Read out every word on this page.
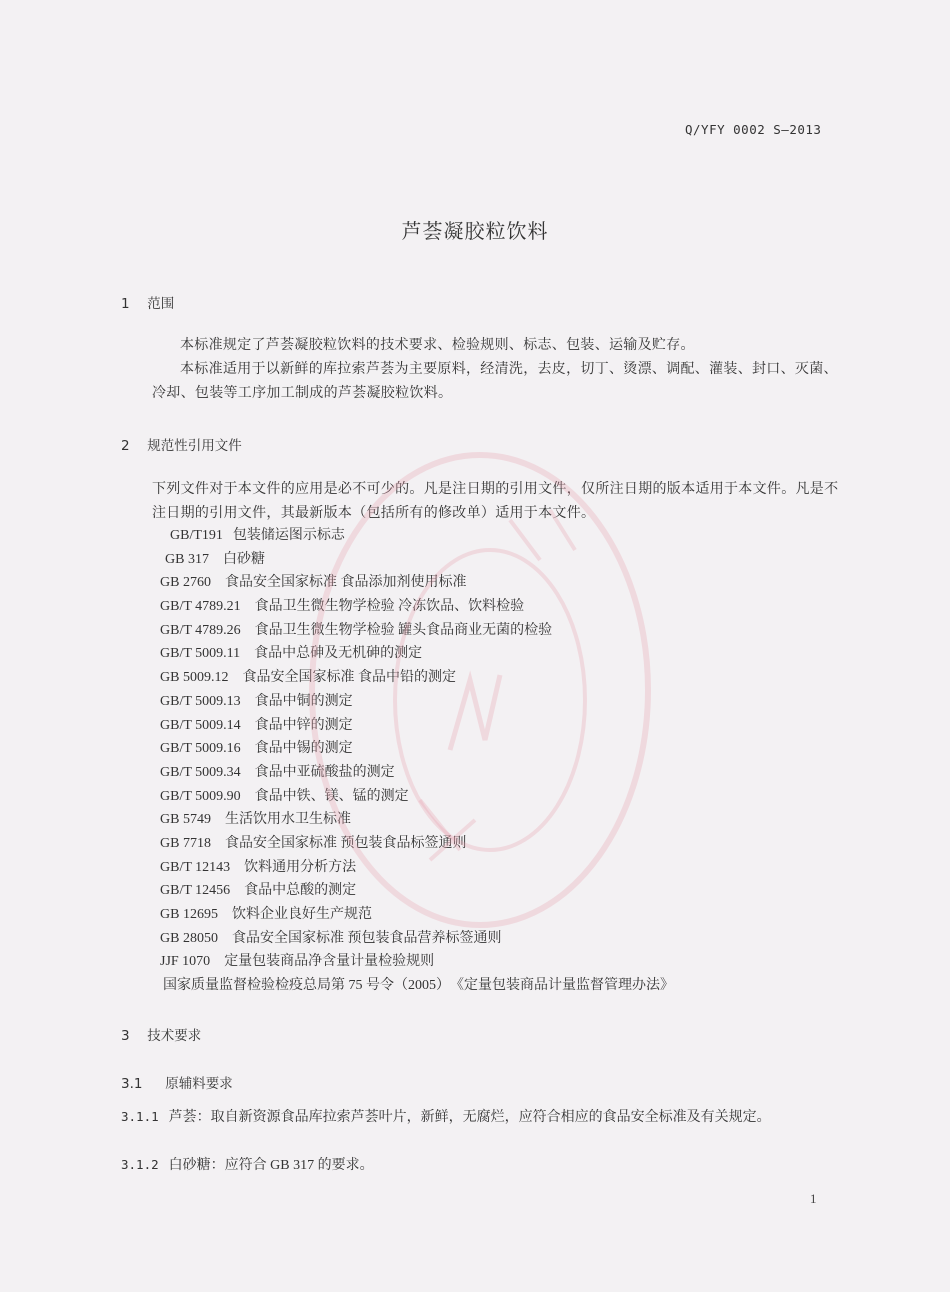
Q/YFY 0002 S—2013
芦荟凝胶粒饮料
1 范围
本标准规定了芦荟凝胶粒饮料的技术要求、检验规则、标志、包装、运输及贮存。
本标准适用于以新鲜的库拉索芦荟为主要原料，经清洗，去皮，切丁、烫漂、调配、灌装、封口、灭菌、冷却、包装等工序加工制成的芦荟凝胶粒饮料。
2 规范性引用文件
下列文件对于本文件的应用是必不可少的。凡是注日期的引用文件，仅所注日期的版本适用于本文件。凡是不注日期的引用文件，其最新版本（包括所有的修改单）适用于本文件。
GB/T191 包装储运图示标志
GB 317 白砂糖
GB 2760 食品安全国家标准 食品添加剂使用标准
GB/T 4789.21 食品卫生微生物学检验 冷冻饮品、饮料检验
GB/T 4789.26 食品卫生微生物学检验 罐头食品商业无菌的检验
GB/T 5009.11 食品中总砷及无机砷的测定
GB 5009.12 食品安全国家标准 食品中铅的测定
GB/T 5009.13 食品中铜的测定
GB/T 5009.14 食品中锌的测定
GB/T 5009.16 食品中锡的测定
GB/T 5009.34 食品中亚硫酸盐的测定
GB/T 5009.90 食品中铁、镁、锰的测定
GB 5749 生活饮用水卫生标准
GB 7718 食品安全国家标准 预包装食品标签通则
GB/T 12143 饮料通用分析方法
GB/T 12456 食品中总酸的测定
GB 12695 饮料企业良好生产规范
GB 28050 食品安全国家标准 预包装食品营养标签通则
JJF 1070 定量包装商品净含量计量检验规则
国家质量监督检验检疫总局第 75 号令（2005）《定量包装商品计量监督管理办法》
3 技术要求
3.1 原辅料要求
3.1.1 芦荟：取自新资源食品库拉索芦荟叶片，新鲜，无腐烂，应符合相应的食品安全标准及有关规定。
3.1.2 白砂糖：应符合 GB 317 的要求。
1
